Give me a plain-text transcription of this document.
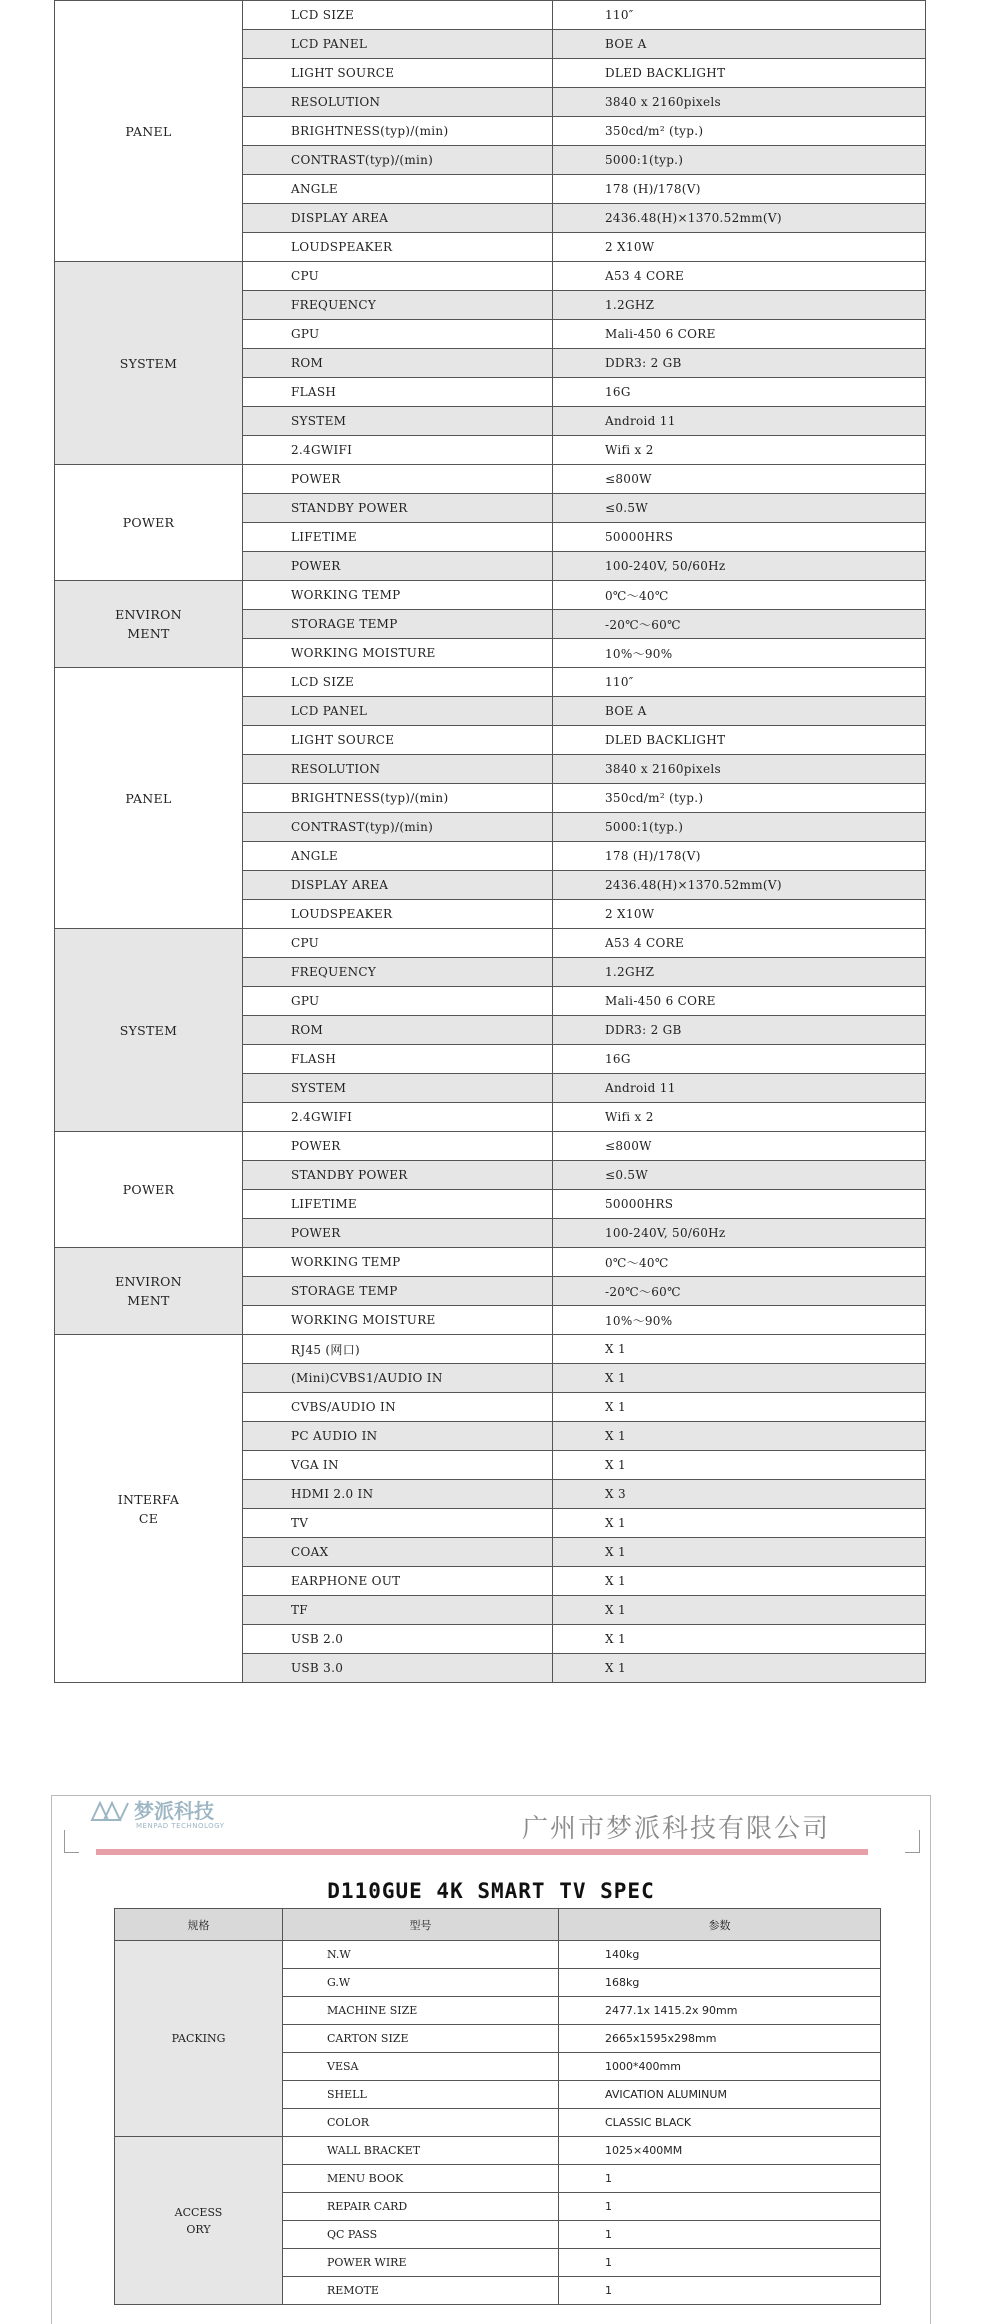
PANEL	LCD SIZE	110″
	LCD PANEL	BOE A
	LIGHT SOURCE	DLED BACKLIGHT
	RESOLUTION	3840 x 2160pixels
	BRIGHTNESS(typ)/(min)	350cd/m² (typ.)
	CONTRAST(typ)/(min)	5000:1(typ.)
	ANGLE	178 (H)/178(V)
	DISPLAY AREA	2436.48(H)×1370.52mm(V)
	LOUDSPEAKER	2 X10W
SYSTEM	CPU	A53 4 CORE
	FREQUENCY	1.2GHZ
	GPU	Mali-450 6 CORE
	ROM	DDR3: 2 GB
	FLASH	16G
	SYSTEM	Android 11
	2.4GWIFI	Wifi x 2
POWER	POWER	≤800W
	STANDBY POWER	≤0.5W
	LIFETIME	50000HRS
	POWER	100-240V, 50/60Hz
ENVIRON
MENT	WORKING TEMP	0℃～40℃
	STORAGE TEMP	-20℃～60℃
	WORKING MOISTURE	10%～90%
PANEL	LCD SIZE	110″
	LCD PANEL	BOE A
	LIGHT SOURCE	DLED BACKLIGHT
	RESOLUTION	3840 x 2160pixels
	BRIGHTNESS(typ)/(min)	350cd/m² (typ.)
	CONTRAST(typ)/(min)	5000:1(typ.)
	ANGLE	178 (H)/178(V)
	DISPLAY AREA	2436.48(H)×1370.52mm(V)
	LOUDSPEAKER	2 X10W
SYSTEM	CPU	A53 4 CORE
	FREQUENCY	1.2GHZ
	GPU	Mali-450 6 CORE
	ROM	DDR3: 2 GB
	FLASH	16G
	SYSTEM	Android 11
	2.4GWIFI	Wifi x 2
POWER	POWER	≤800W
	STANDBY POWER	≤0.5W
	LIFETIME	50000HRS
	POWER	100-240V, 50/60Hz
ENVIRON
MENT	WORKING TEMP	0℃～40℃
	STORAGE TEMP	-20℃～60℃
	WORKING MOISTURE	10%～90%
INTERFA
CE	RJ45 (网口)	X 1
	(Mini)CVBS1/AUDIO IN	X 1
	CVBS/AUDIO IN	X 1
	PC AUDIO IN	X 1
	VGA IN	X 1
	HDMI 2.0 IN	X 3
	TV	X 1
	COAX	X 1
	EARPHONE OUT	X 1
	TF	X 1
	USB 2.0	X 1
	USB 3.0	X 1
梦派科技
MENPAD TECHNOLOGY	广州市梦派科技有限公司
D110GUE 4K SMART TV SPEC
规格	型号	参数
PACKING	N.W	140kg
	G.W	168kg
	MACHINE SIZE	2477.1x 1415.2x 90mm
	CARTON SIZE	2665x1595x298mm
	VESA	1000*400mm
	SHELL	AVICATION ALUMINUM
	COLOR	CLASSIC BLACK
ACCESS
ORY	WALL BRACKET	1025×400MM
	MENU BOOK	1
	REPAIR CARD	1
	QC PASS	1
	POWER WIRE	1
	REMOTE	1
